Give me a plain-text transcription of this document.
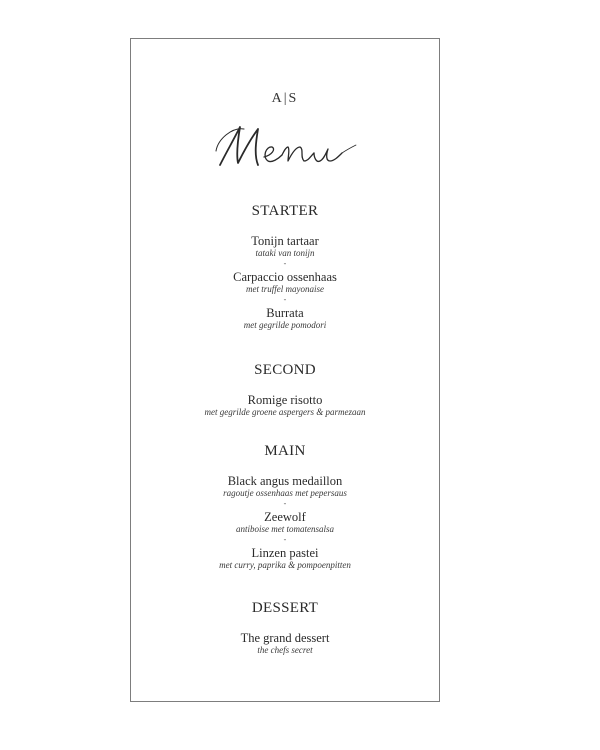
A|S
STARTER
Tonijn tartaar
tataki van tonijn
-
Carpaccio ossenhaas
met truffel mayonaise
-
Burrata
met gegrilde pomodori
SECOND
Romige risotto
met gegrilde groene aspergers & parmezaan
MAIN
Black angus medaillon
ragoutje ossenhaas met pepersaus
-
Zeewolf
antiboise met tomatensalsa
-
Linzen pastei
met curry, paprika & pompoenpitten
DESSERT
The grand dessert
the chefs secret
